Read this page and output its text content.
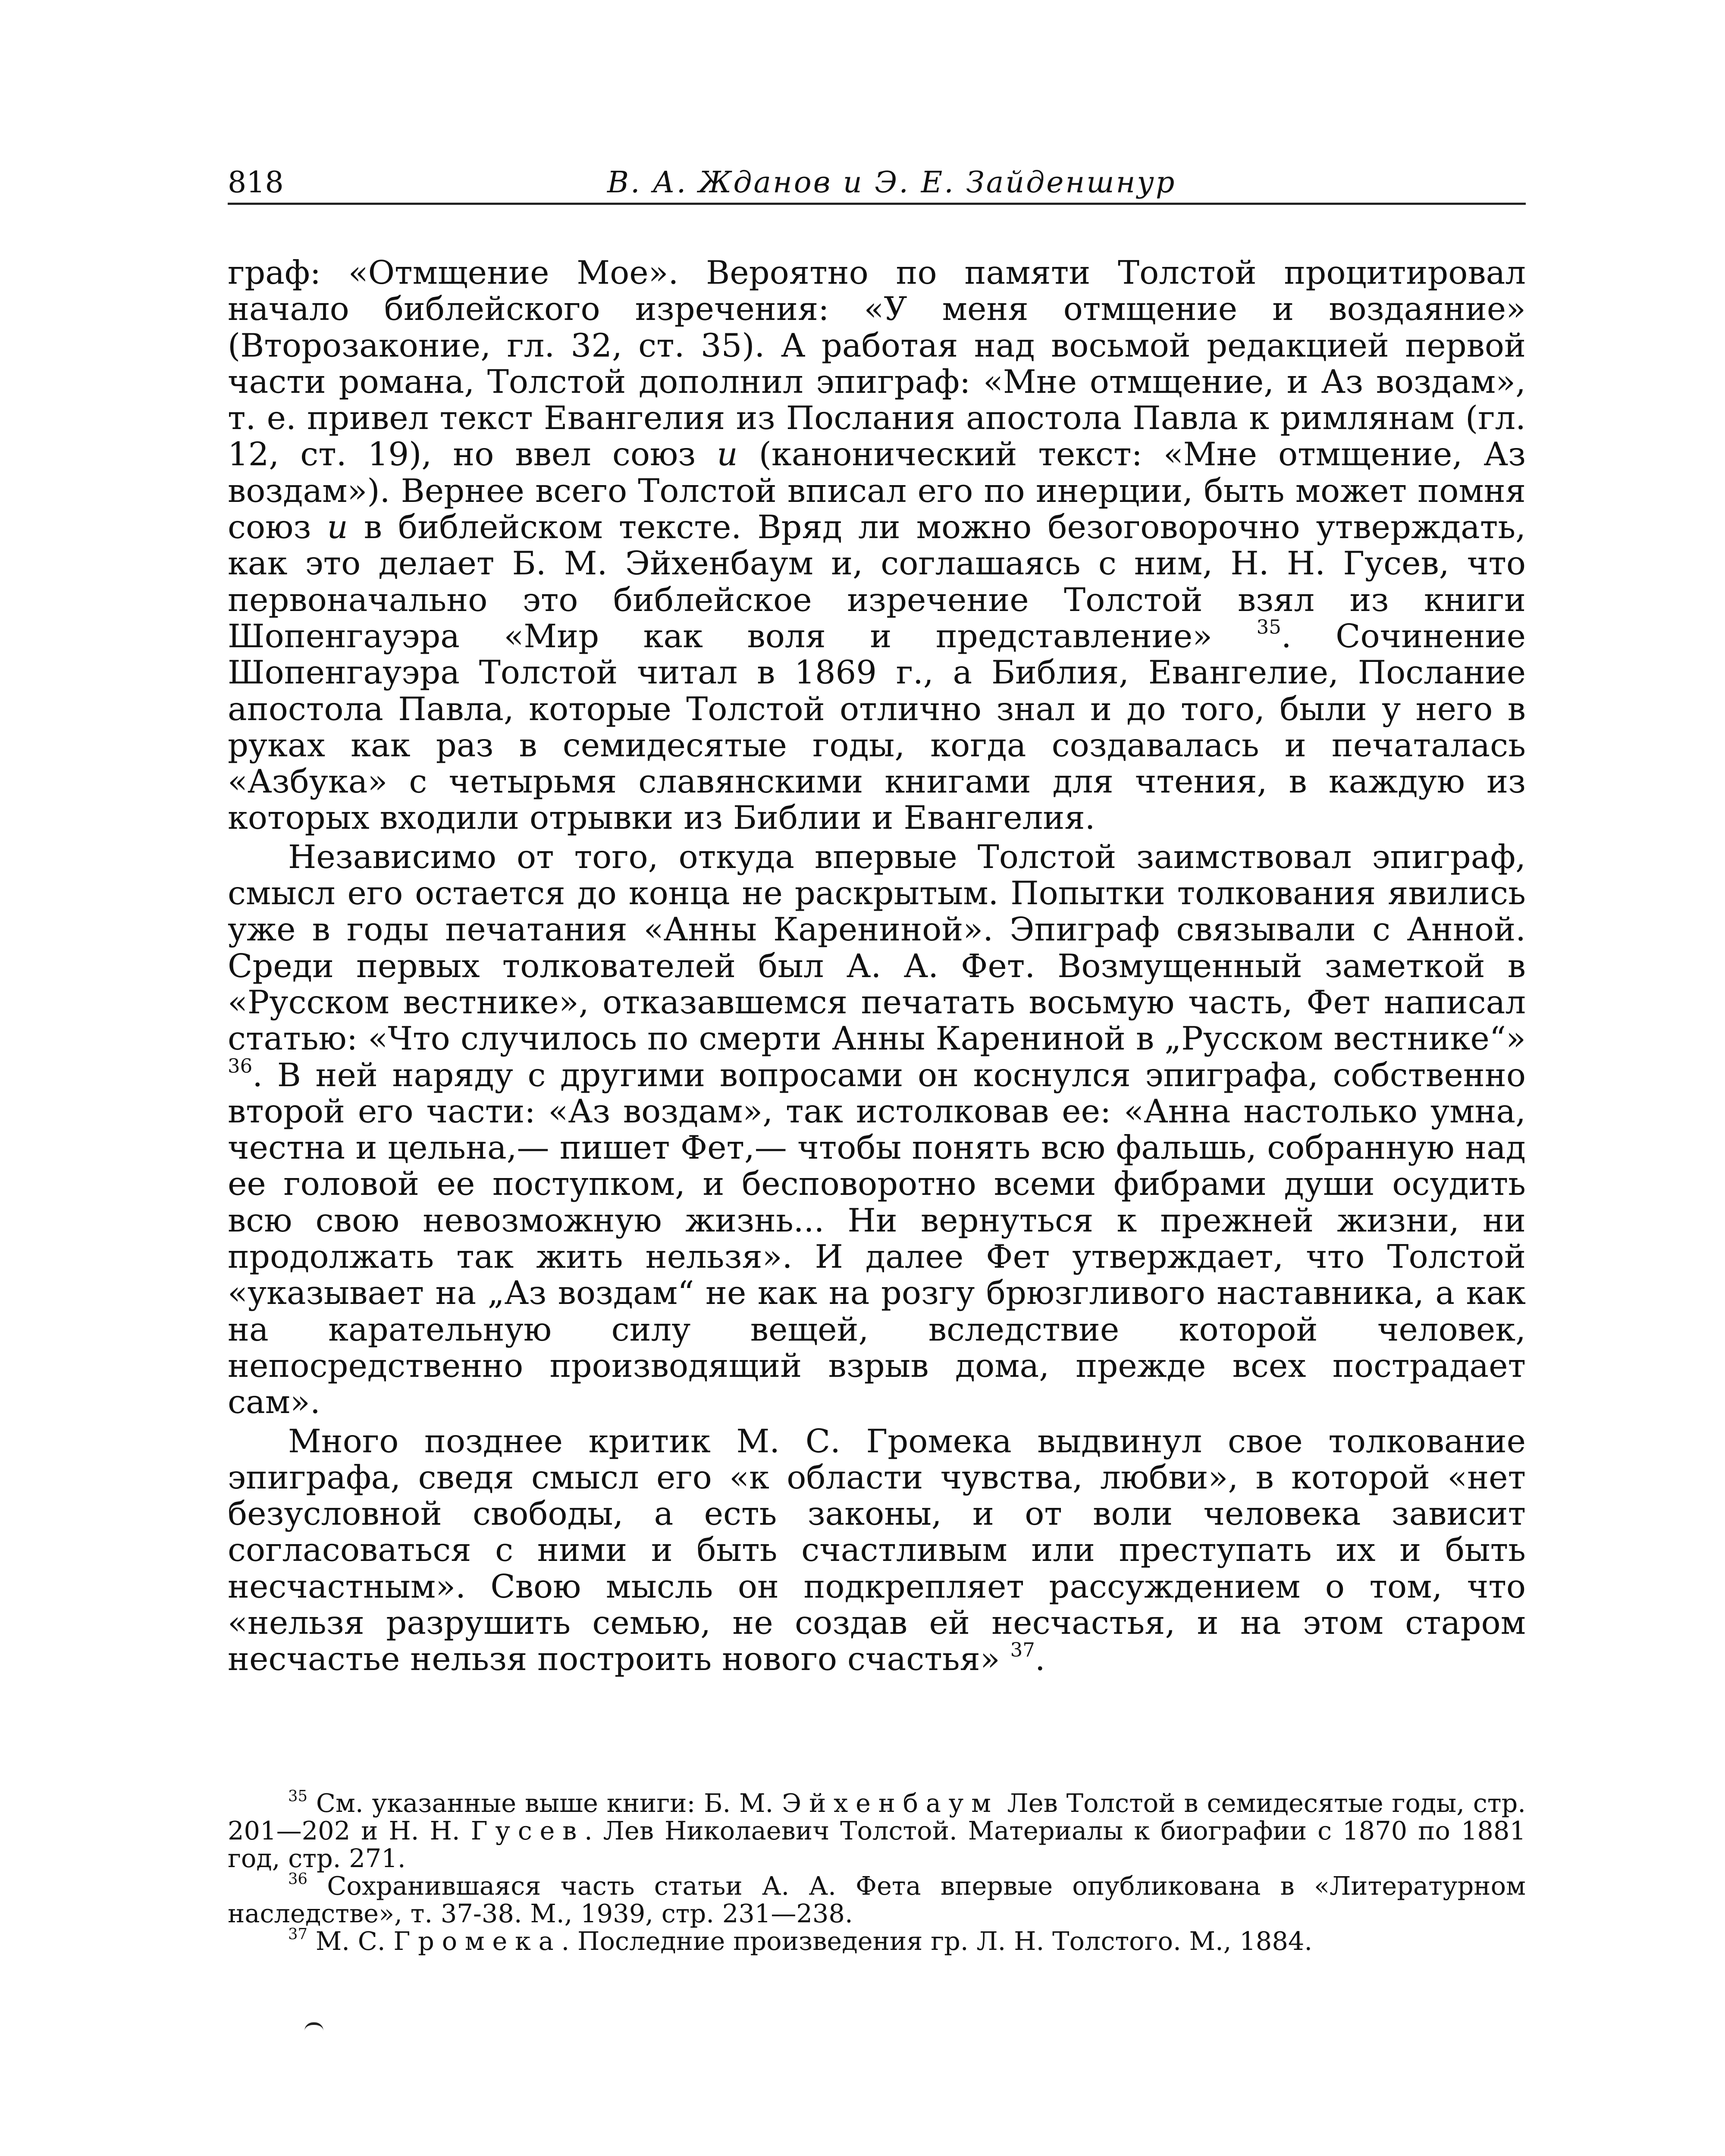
818	В. А. Жданов и Э. Е. Зайденшнур

граф: «Отмщение Мое». Вероятно по памяти Толстой процитировал начало библейского изречения: «У меня отмщение и воздаяние» (Второзаконие, гл. 32, ст. 35). А работая над восьмой редакцией первой части романа, Толстой дополнил эпиграф: «Мне отмщение, и Аз воздам», т. е. привел текст Евангелия из Послания апостола Павла к римлянам (гл. 12, ст. 19), но ввел союз и (канонический текст: «Мне отмщение, Аз воздам»). Вернее всего Толстой вписал его по инерции, быть может помня союз и в библейском тексте. Вряд ли можно безоговорочно утверждать, как это делает Б. М. Эйхенбаум и, соглашаясь с ним, Н. Н. Гусев, что первоначально это библейское изречение Толстой взял из книги Шопенгауэра «Мир как воля и представление» $^{35}$. Сочинение Шопенгауэра Толстой читал в 1869 г., а Библия, Евангелие, Послание апостола Павла, которые Толстой отлично знал и до того, были у него в руках как раз в семидесятые годы, когда создавалась и печаталась «Азбука» с четырьмя славянскими книгами для чтения, в каждую из которых входили отрывки из Библии и Евангелия.

Независимо от того, откуда впервые Толстой заимствовал эпиграф, смысл его остается до конца не раскрытым. Попытки толкования явились уже в годы печатания «Анны Карениной». Эпиграф связывали с Анной. Среди первых толкователей был А. А. Фет. Возмущенный заметкой в «Русском вестнике», отказавшемся печатать восьмую часть, Фет написал статью: «Что случилось по смерти Анны Карениной в „Русском вестнике“» $^{36}$. В ней наряду с другими вопросами он коснулся эпиграфа, собственно второй его части: «Аз воздам», так истолковав ее: «Анна настолько умна, честна и цельна,— пишет Фет,— чтобы понять всю фальшь, собранную над ее головой ее поступком, и бесповоротно всеми фибрами души осудить всю свою невозможную жизнь... Ни вернуться к прежней жизни, ни продолжать так жить нельзя». И далее Фет утверждает, что Толстой «указывает на „Аз воздам“ не как на розгу брюзгливого наставника, а как на карательную силу вещей, вследствие которой человек, непосредственно производящий взрыв дома, прежде всех пострадает сам».

Много позднее критик М. С. Громека выдвинул свое толкование эпиграфа, сведя смысл его «к области чувства, любви», в которой «нет безусловной свободы, а есть законы, и от воли человека зависит согласоваться с ними и быть счастливым или преступать их и быть несчастным». Свою мысль он подкрепляет рассуждением о том, что «нельзя разрушить семью, не создав ей несчастья, и на этом старом несчастье нельзя построить нового счастья» $^{37}$.

$^{35}$ См. указанные выше книги: Б. М. Эйхенбаум Лев Толстой в семидесятые годы, стр. 201—202 и Н. Н. Гусев. Лев Николаевич Толстой. Материалы к биографии с 1870 по 1881 год, стр. 271.

$^{36}$ Сохранившаяся часть статьи А. А. Фета впервые опубликована в «Литературном наследстве», т. 37-38. М., 1939, стр. 231—238.

$^{37}$ М. С. Громека. Последние произведения гр. Л. Н. Толстого. М., 1884.
